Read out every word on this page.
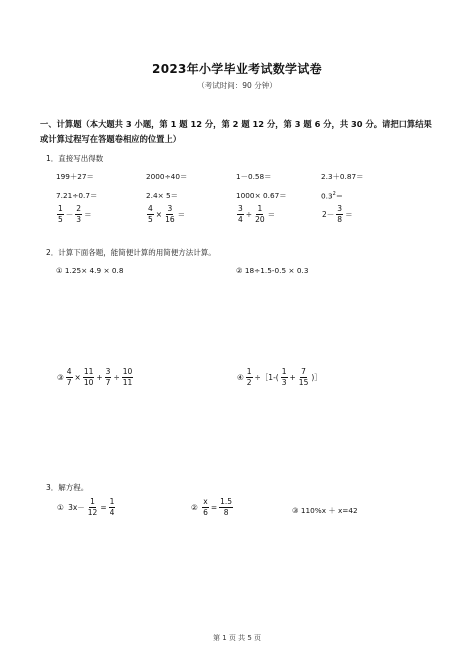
2023年小学毕业考试数学试卷
（考试时间：90 分钟）
一、计算题（本大题共 3 小题，第 1 题 12 分，第 2 题 12 分，第 3 题 6 分，共 30 分。请把口算结果或计算过程写在答题卷相应的位置上）
1．直接写出得数
199＋27＝	2000÷40＝	1－0.58＝	2.3＋0.87＝
7.21÷0.7＝	2.4× 5＝	1000× 0.67＝	$0.3^2=$
$\frac{1}{5} - \frac{2}{3}$ ＝	$\frac{4}{5} \times \frac{3}{16}$ ＝	$\frac{3}{4} \div \frac{1}{20}$ ＝	$2- \frac{3}{8}$ ＝
2．计算下面各题，能简便计算的用简便方法计算。
① 1.25× 4.9 × 0.8	② 18÷1.5-0.5 × 0.3
③ $\frac{4}{7} \times \frac{11}{10} + \frac{3}{7} \div \frac{10}{11}$	④ $\frac{1}{2}$ ÷［1-( $\frac{1}{3} + \frac{7}{15}$ )］
3．解方程。
① $3x- \frac{1}{12} = \frac{1}{4}$	② $\frac{x}{6} = \frac{1.5}{8}$	③ 110%x ＋ x=42
第 1 页 共 5 页
